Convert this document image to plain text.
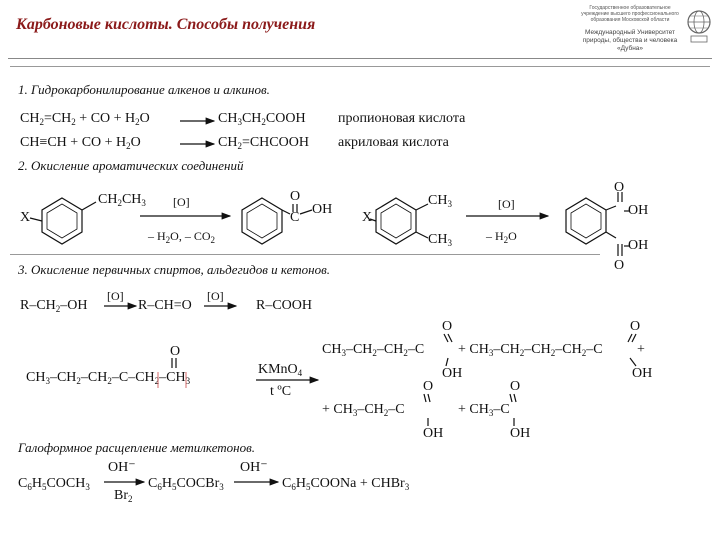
Карбоновые кислоты. Способы получения
Государственное образовательное учреждение высшего профессионального образования Московской области
Международный Университет природы, общества и человека «Дубна»
1. Гидрокарбонилирование алкенов и алкинов.
$CH_2=CH_2$ + CO + $H_2O$	$CH_3CH_2COOH$ пропионовая кислота
CH≡CH + CO + $H_2O$	$CH_2=CHCOOH$ акриловая кислота
2. Окисление ароматических соединений
X
$CH_2CH_3$ [O]
– $H_2O$, – $CO_2$
O
C
OH
X
$CH_3$
$CH_3$
[O]
– $H_2O$
O
OH
OH
O
3. Окисление первичных спиртов, альдегидов и кетонов.
$R-CH_2-OH$
[O]
R–CH=O
[O]
R–COOH
O
$CH_3-CH_2-CH_2-C-CH_2-CH_3$
KMnO$_4$
t ºC
$CH_3-CH_2-CH_2-C$
O
OH
+ $CH_3-CH_2-CH_2-CH_2-C$
O
OH
+
+ $CH_3-CH_2-C$
O
OH
+ $CH_3-C$
O
OH
Галоформное расщепление метилкетонов.
$C_6H_5COCH_3$
OH⁻
$Br_2$
$C_6H_5COCBr_3$
OH⁻
$C_6H_5COONa$ + CHBr$_3$
